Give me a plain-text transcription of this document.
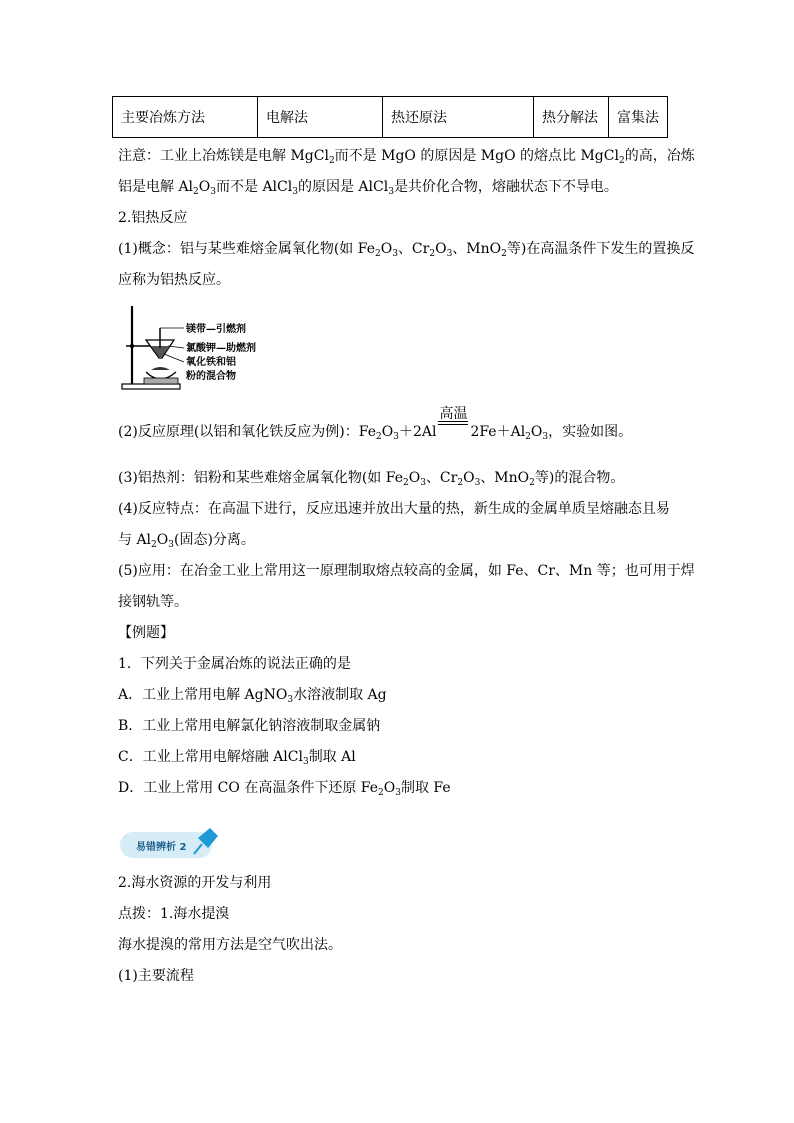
主要冶炼方法	电解法	热还原法	热分解法	富集法
注意：工业上冶炼镁是电解 MgCl$_2$而不是 MgO 的原因是 MgO 的熔点比 MgCl$_2$的高，冶炼
铝是电解 $Al_2O_3$而不是 AlCl$_3$的原因是 AlCl$_3$是共价化合物，熔融状态下不导电。
2.铝热反应
(1)概念：铝与某些难熔金属氧化物(如 $Fe_2O_3$、$Cr_2O_3$、MnO$_2$等)在高温条件下发生的置换反
应称为铝热反应。
镁带—引燃剂
氯酸钾—助燃剂
氧化铁和铝
粉的混合物
(2)反应原理(以铝和氧化铁反应为例)：$Fe_2O_3+2Al$
高温
$2Fe+Al_2O_3$，实验如图。
(3)铝热剂：铝粉和某些难熔金属氧化物(如 $Fe_2O_3$、$Cr_2O_3$、MnO$_2$等)的混合物。
(4)反应特点：在高温下进行，反应迅速并放出大量的热，新生成的金属单质呈熔融态且易
与 $Al_2O_3$(固态)分离。
(5)应用：在冶金工业上常用这一原理制取熔点较高的金属，如 Fe、Cr、Mn 等；也可用于焊
接钢轨等。
【例题】
1．下列关于金属冶炼的说法正确的是
A．工业上常用电解 AgNO$_3$水溶液制取 Ag
B．工业上常用电解氯化钠溶液制取金属钠
C．工业上常用电解熔融 AlCl$_3$制取 Al
D．工业上常用 CO 在高温条件下还原 $Fe_2O_3$制取 Fe
易错辨析 2
2.海水资源的开发与利用
点拨：1.海水提溴
海水提溴的常用方法是空气吹出法。
(1)主要流程
